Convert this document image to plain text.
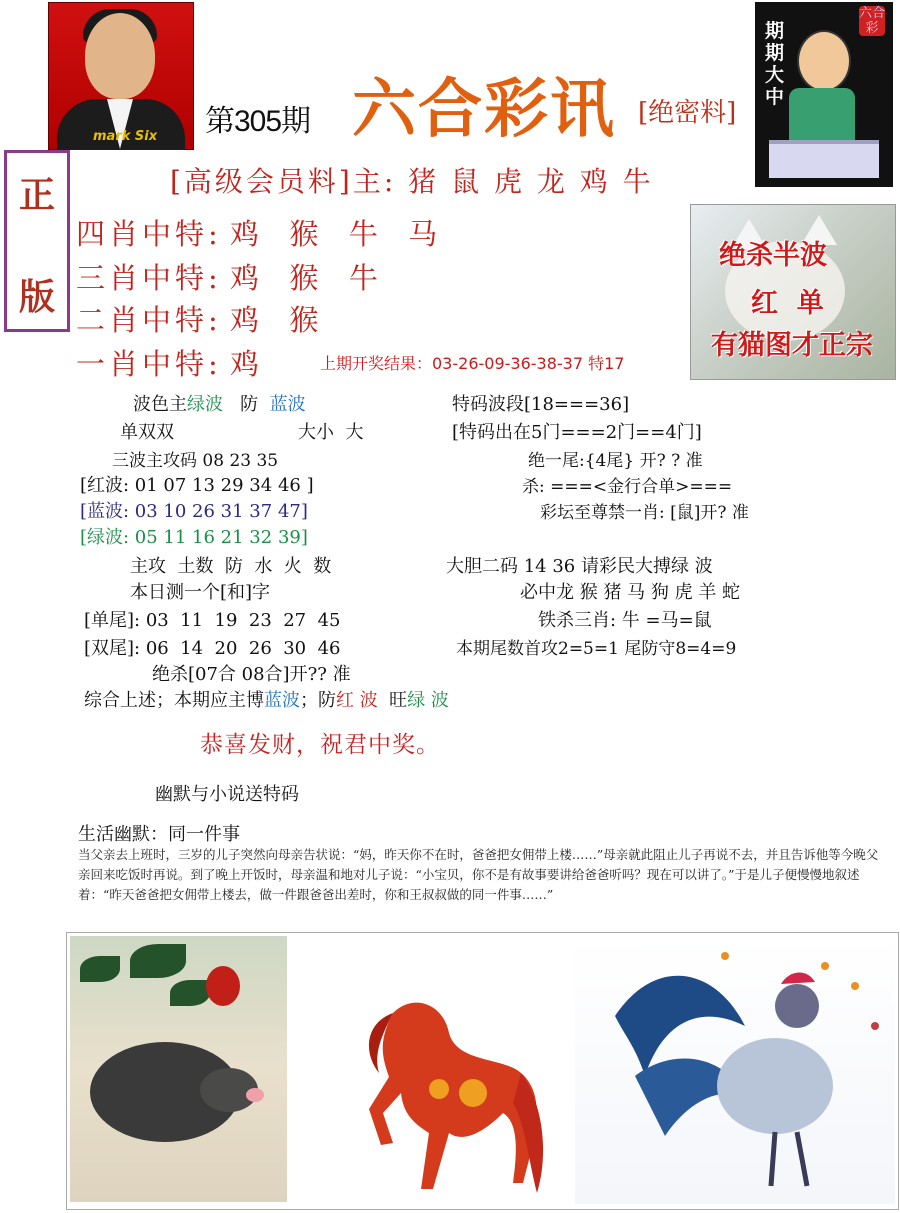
mark Six 第305期 六合彩讯 [绝密料]
期期大中
六合彩
正
版
[高级会员料]主: 猪 鼠 虎 龙 鸡 牛
四肖中特: 鸡  猴  牛  马
三肖中特: 鸡  猴  牛
二肖中特: 鸡  猴
一肖中特: 鸡	上期开奖结果：03-26-09-36-38-37 特17
绝杀半波
红  单
有猫图才正宗
波色主绿波 防 蓝波
单双双	大小  大
三波主攻码 08 23 35
[红波: 01 07 13 29 34 46 ]
[蓝波: 03 10 26 31 37 47]
[绿波: 05 11 16 21 32 39]
主攻  土数  防  水  火  数
本日测一个[和]字
[单尾]: 03  11  19  23  27  45
[双尾]: 06  14  20  26  30  46
绝杀[07合 08合]开?? 准
特码波段[18===36]
[特码出在5门===2门==4门]
绝一尾:{4尾} 开? ? 准
杀: ===<金行合单>===
彩坛至尊禁一肖: [鼠]开? 准
大胆二码 14 36 请彩民大搏绿 波
必中龙 猴 猪 马 狗 虎 羊 蛇
铁杀三肖: 牛 =马=鼠
本期尾数首攻2=5=1 尾防守8=4=9
综合上述；本期应主博蓝波；防红 波  旺绿 波
恭喜发财，祝君中奖。
幽默与小说送特码
生活幽默：同一件事
当父亲去上班时，三岁的儿子突然向母亲告状说：“妈，昨天你不在时，爸爸把女佣带上楼……”母亲就此阻止儿子再说不去，并且告诉他等今晚父亲回来吃饭时再说。到了晚上开饭时，母亲温和地对儿子说：“小宝贝，你不是有故事要讲给爸爸听吗？现在可以讲了。”于是儿子便慢慢地叙述着：“昨天爸爸把女佣带上楼去，做一件跟爸爸出差时，你和王叔叔做的同一件事……”
